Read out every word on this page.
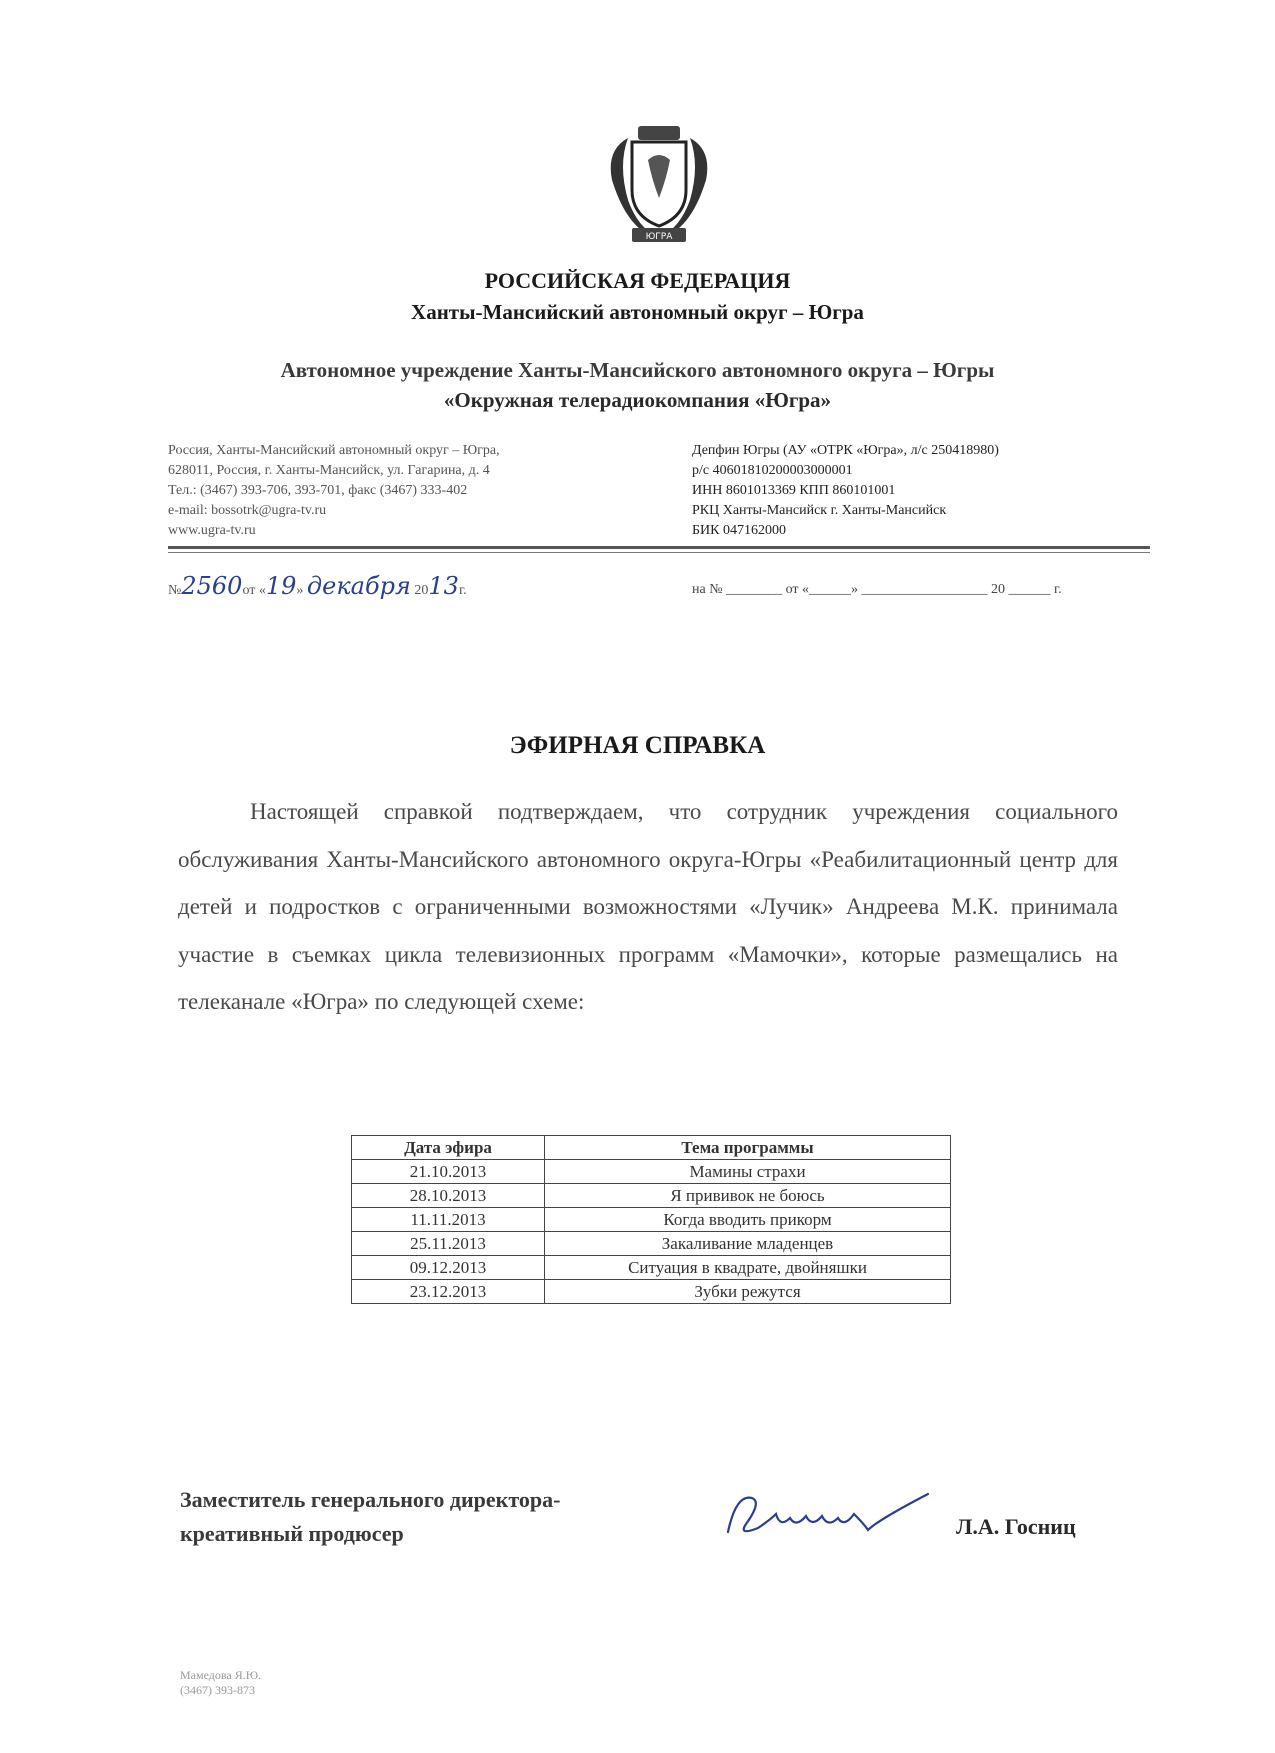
ЮГРА
РОССИЙСКАЯ ФЕДЕРАЦИЯ
Ханты-Мансийский автономный округ – Югра
Автономное учреждение Ханты-Мансийского автономного округа – Югры
«Окружная телерадиокомпания «Югра»
Россия, Ханты-Мансийский автономный округ – Югра,
628011, Россия, г. Ханты-Мансийск, ул. Гагарина, д. 4
Тел.: (3467) 393-706, 393-701, факс (3467) 333-402
e-mail: bossotrk@ugra-tv.ru
www.ugra-tv.ru
Депфин Югры (АУ «ОТРК «Югра», л/с 250418980)
р/с 40601810200003000001
ИНН 8601013369 КПП 860101001
РКЦ Ханты-Мансийск г. Ханты-Мансийск
БИК 047162000
№2560от «19» декабря 2013г.	на № ________ от «______» __________________ 20 ______ г.
ЭФИРНАЯ СПРАВКА
Настоящей справкой подтверждаем, что сотрудник учреждения социального обслуживания Ханты-Мансийского автономного округа-Югры «Реабилитационный центр для детей и подростков с ограниченными возможностями «Лучик» Андреева М.К. принимала участие в съемках цикла телевизионных программ «Мамочки», которые размещались на телеканале «Югра» по следующей схеме:
Дата эфира	Тема программы
21.10.2013	Мамины страхи
28.10.2013	Я прививок не боюсь
11.11.2013	Когда вводить прикорм
25.11.2013	Закаливание младенцев
09.12.2013	Ситуация в квадрате, двойняшки
23.12.2013	Зубки режутся
Заместитель генерального директора-
креативный продюсер	Л.А. Госниц
Мамедова Я.Ю.
(3467) 393-873
